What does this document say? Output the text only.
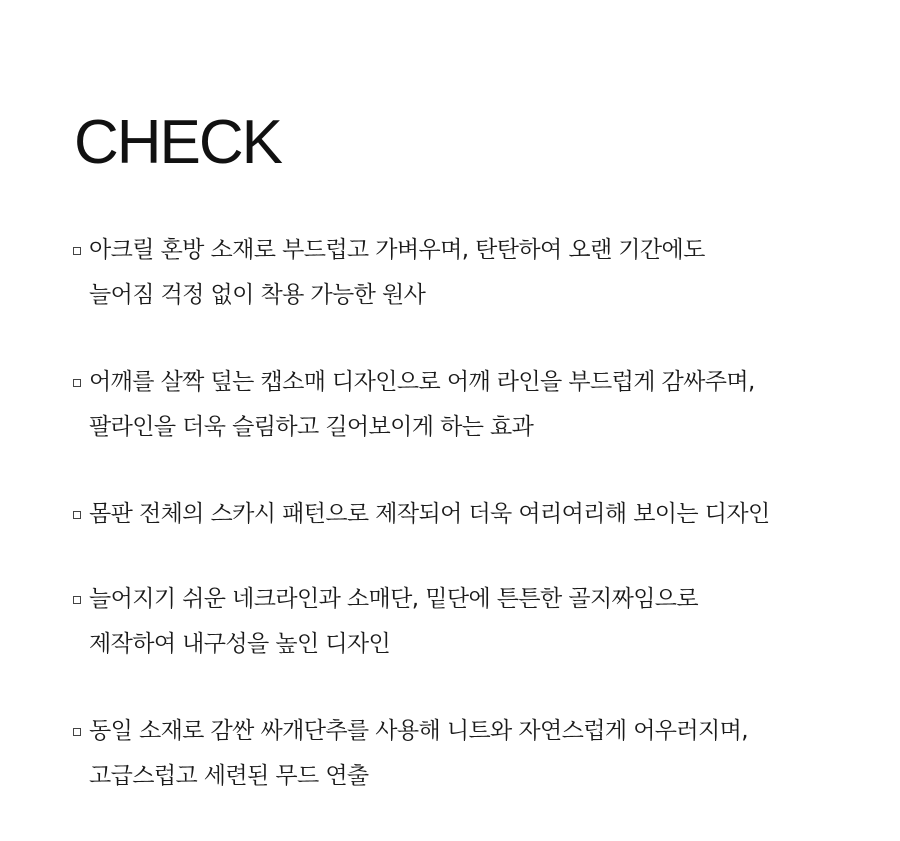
CHECK
아크릴 혼방 소재로 부드럽고 가벼우며, 탄탄하여 오랜 기간에도
늘어짐 걱정 없이 착용 가능한 원사
어깨를 살짝 덮는 캡소매 디자인으로 어깨 라인을 부드럽게 감싸주며,
팔라인을 더욱 슬림하고 길어보이게 하는 효과
몸판 전체의 스카시 패턴으로 제작되어 더욱 여리여리해 보이는 디자인
늘어지기 쉬운 네크라인과 소매단, 밑단에 튼튼한 골지짜임으로
제작하여 내구성을 높인 디자인
동일 소재로 감싼 싸개단추를 사용해 니트와 자연스럽게 어우러지며,
고급스럽고 세련된 무드 연출
